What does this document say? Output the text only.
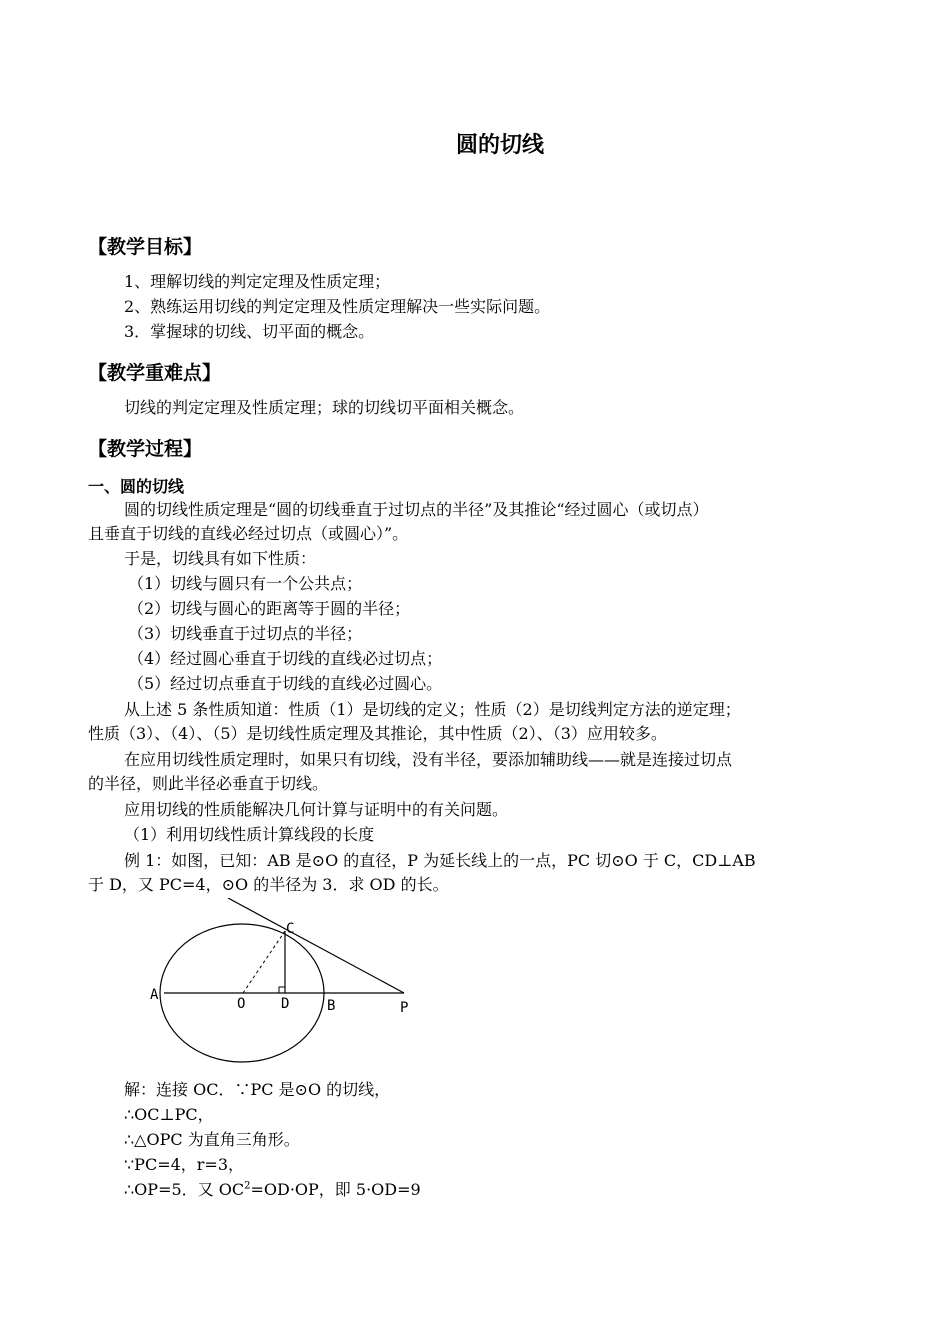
圆的切线
【教学目标】
1、理解切线的判定定理及性质定理；
2、熟练运用切线的判定定理及性质定理解决一些实际问题。
3．掌握球的切线、切平面的概念。
【教学重难点】
切线的判定定理及性质定理；球的切线切平面相关概念。
【教学过程】
一、圆的切线
圆的切线性质定理是“圆的切线垂直于过切点的半径”及其推论“经过圆心（或切点）
且垂直于切线的直线必经过切点（或圆心）”。
于是，切线具有如下性质：
（1）切线与圆只有一个公共点；
（2）切线与圆心的距离等于圆的半径；
（3）切线垂直于过切点的半径；
（4）经过圆心垂直于切线的直线必过切点；
（5）经过切点垂直于切线的直线必过圆心。
从上述 5 条性质知道：性质（1）是切线的定义；性质（2）是切线判定方法的逆定理；
性质（3）、（4）、（5）是切线性质定理及其推论，其中性质（2）、（3）应用较多。
在应用切线性质定理时，如果只有切线，没有半径，要添加辅助线——就是连接过切点
的半径，则此半径必垂直于切线。
应用切线的性质能解决几何计算与证明中的有关问题。
（1）利用切线性质计算线段的长度
例 1：如图，已知：AB 是⊙O 的直径，P 为延长线上的一点，PC 切⊙O 于 C，CD⊥AB
于 D，又 PC=4，⊙O 的半径为 3．求 OD 的长。
A
O	D	B	P
C
解：连接 OC．∵PC 是⊙O 的切线，
∴OC⊥PC，
∴△OPC 为直角三角形。
∵PC=4，r=3，
∴OP=5．又 $OC^2=OD\cdot OP$，即 5·OD=9
